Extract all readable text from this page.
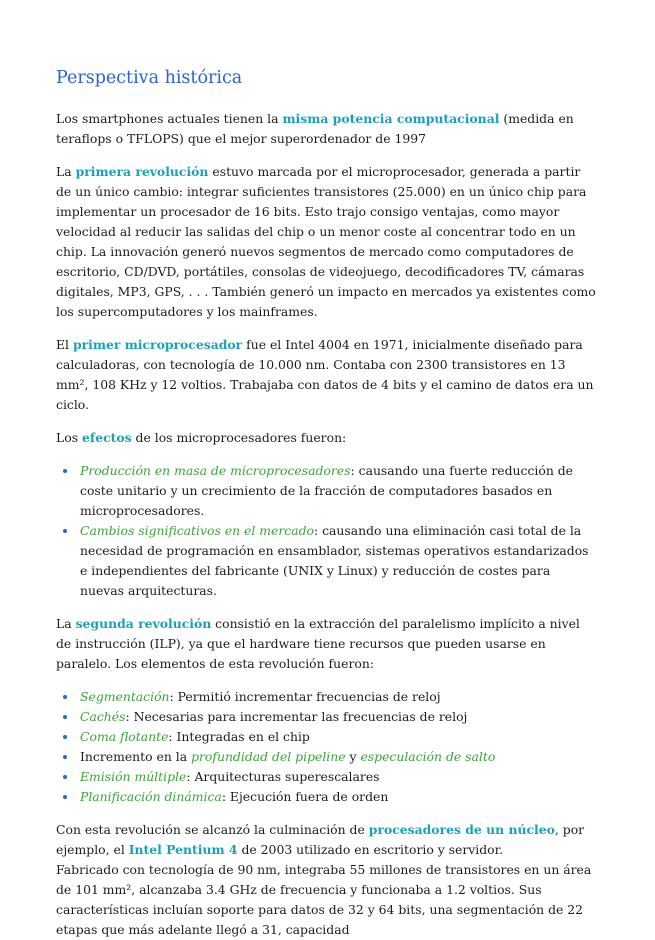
Perspectiva histórica

Los smartphones actuales tienen la misma potencia computacional (medida en teraflops o TFLOPS) que el mejor superordenador de 1997

La primera revolución estuvo marcada por el microprocesador, generada a partir de un único cambio: integrar suficientes transistores (25.000) en un único chip para implementar un procesador de 16 bits. Esto trajo consigo ventajas, como mayor velocidad al reducir las salidas del chip o un menor coste al concentrar todo en un chip. La innovación generó nuevos segmentos de mercado como computadores de escritorio, CD/DVD, portátiles, consolas de videojuego, decodificadores TV, cámaras digitales, MP3, GPS, . . . También generó un impacto en mercados ya existentes como los supercomputadores y los mainframes.

El primer microprocesador fue el Intel 4004 en 1971, inicialmente diseñado para calculadoras, con tecnología de 10.000 nm. Contaba con 2300 transistores en 13 mm², 108 KHz y 12 voltios. Trabajaba con datos de 4 bits y el camino de datos era un ciclo.

Los efectos de los microprocesadores fueron:

• Producción en masa de microprocesadores: causando una fuerte reducción de coste unitario y un crecimiento de la fracción de computadores basados en microprocesadores.
• Cambios significativos en el mercado: causando una eliminación casi total de la necesidad de programación en ensamblador, sistemas operativos estandarizados e independientes del fabricante (UNIX y Linux) y reducción de costes para nuevas arquitecturas.

La segunda revolución consistió en la extracción del paralelismo implícito a nivel de instrucción (ILP), ya que el hardware tiene recursos que pueden usarse en paralelo. Los elementos de esta revolución fueron:

• Segmentación: Permitió incrementar frecuencias de reloj
• Cachés: Necesarias para incrementar las frecuencias de reloj
• Coma flotante: Integradas en el chip
• Incremento en la profundidad del pipeline y especulación de salto
• Emisión múltiple: Arquitecturas superescalares
• Planificación dinámica: Ejecución fuera de orden

Con esta revolución se alcanzó la culminación de procesadores de un núcleo, por ejemplo, el Intel Pentium 4 de 2003 utilizado en escritorio y servidor.
Fabricado con tecnología de 90 nm, integraba 55 millones de transistores en un área de 101 mm², alcanzaba 3.4 GHz de frecuencia y funcionaba a 1.2 voltios. Sus características incluían soporte para datos de 32 y 64 bits, una segmentación de 22 etapas que más adelante llegó a 31, capacidad
